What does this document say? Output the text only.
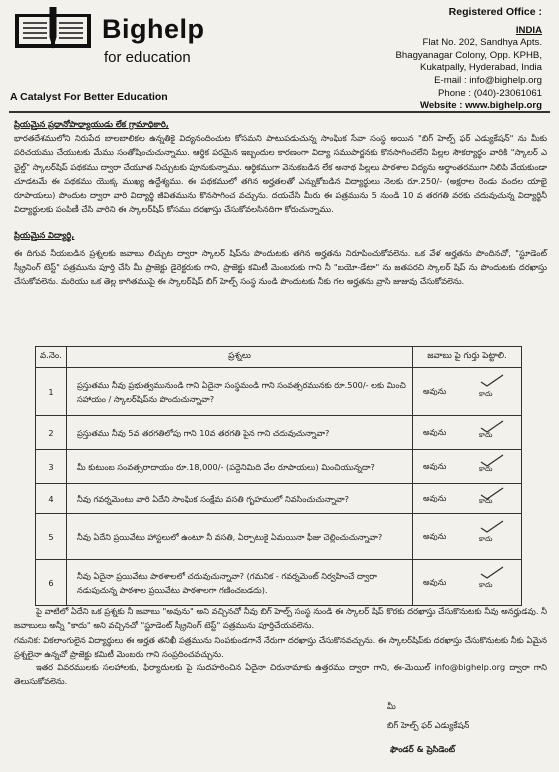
Bighelp
for education
A Catalyst For Better Education
Registered Office :
INDIA
Flat No. 202, Sandhya Apts.
Bhagyanagar Colony, Opp. KPHB,
Kukatpally, Hyderabad, India
E-mail : info@bighelp.org
Phone : (040)-23061061
Website : www.bighelp.org
ప్రియమైన ప్రధానోపాధ్యాయుడు లేక గ్రామాధికారి,
భారతదేశములోని నిరుపేద బాలబాలికల ఉన్నతికై విద్యనందించుట కోసమని పాటుపడుచున్న సాంఘిక సేవా సంస్థ అయిన "బిగ్ హెల్ప్ ఫర్ ఎడ్యుకేషన్" ను మీకు పరిచయము చేయుటకు మేము సంతోషించుచున్నాము. ఆర్థిక పరమైన ఇబ్బందుల కారణంగా విద్యా సముపార్జనకు కొనసాగించలేని పిల్లల సౌకర్యార్థం వారికి "స్కాలర్ ఎ ఛైల్డ్" స్కాలర్‌షిప్ పథకము ద్వారా చేయూత నిచ్చుటకు పూనుకున్నాము. ఆర్థికముగా వెనుకబడిన లేక అనాథ పిల్లలు పాఠశాల విద్యను అర్థాంతరముగా నిలిపి వేయకుండా చూడటమే ఈ పథకము యొక్క ముఖ్య ఉద్దేశ్యము. ఈ పథకములో తగిన అర్హతలతో ఎన్నుకోబడిన విద్యార్థులు నెలకు రూ.250/- (అక్షరాల రెండు వందల యాభై రూపాయలు) పొందుట ద్వారా వారి విద్యార్థి జీవితమును కొనసాగించ వచ్చును. దయచేసి మీరు ఈ పత్రమును 5 నుండి 10 వ తరగతి వరకు చదువుచున్న విద్యార్థినీ విద్యార్థులకు పంపిణీ చేసి వారిని ఈ స్కాలర్‌షిప్ కోసము దరఖాస్తు చేసుకోవలసినదిగా కోరుచున్నాము.
ప్రియమైన విద్యార్థి,
ఈ దిగువ నీయబడిన ప్రశ్నలకు జవాబు లిచ్చుట ద్వారా స్కాలర్ షిప్‌ను పొందుటకు తగిన అర్హతను నిరూపించుకోవలెను. ఒక వేళ అర్హతను పొందినచో, "స్టూడెంట్ స్క్రీనింగ్ టెస్ట్" పత్రమును పూర్తి చేసి మీ ప్రాజెక్టు డైరెక్టరుకు గాని, ప్రాజెక్టు కమిటీ మెంబరుకు గాని నీ "బయో-డేటా" ను జతపరచి స్కాలర్ షిప్ ను పొందుటకు దరఖాస్తు చేసుకోవలెను. మరియు ఒక తెల్ల కాగితముపై ఈ స్కాలర్‌షిప్ బిగ్ హెల్ప్ సంస్థ నుండి పొందుటకు నీకు గల అర్హతను వ్రాసి జుజువు చేసుకోవలెను.
వ.నెం.	ప్రశ్నలు	జవాబు పై గుర్తు పెట్టాలి.
1	ప్రస్తుతము నీవు ప్రభుత్వమునుండి గాని ఏదైనా సంస్థమండి గాని సంవత్సరమునకు రూ.500/- లకు మించి సహాయం / స్కాలర్‌షిప్‌ను పొందుచున్నావా?	అవును కాదు

2	ప్రస్తుతము నీవు 5వ తరగతిలోపు గాని 10వ తరగతి పైన గాని చదువుచున్నావా?	అవును కాదు

3	మీ కుటుంబ సంవత్సరాదాయం రూ.18,000/- (పద్దెనిమిది వేల రూపాయలు) మించియున్నదా?	అవును కాదు

4	నీవు గవర్నమెంటు వారి ఏదేని సాంఘిక సంక్షేమ వసతి గృహములో నివసించుచున్నావా?	అవును కాదు

5	నీవు ఏదేని ప్రయివేటు హాస్టలులో ఉంటూ నీ వసతి, ఏర్పాటుకై ఏమయినా ఫీజు చెల్లించుచున్నావా?	అవును కాదు

6	నీవు ఏదైనా ప్రయివేటు పాఠశాలలో చదువుచున్నావా? (గమనిక - గవర్నమెంట్ నిర్వహించే ద్వారా నడుపుచున్న పాఠశాల ప్రయివేటు పాఠశాలగా గణించబడదు).	అవును కాదు
పై వాటిలో ఏదేని ఒక ప్రశ్నకు నీ జవాబు "అవును" అని వచ్చినచో నీవు బిగ్ హెల్ప్ సంస్థ నుండి ఈ స్కాలర్ షిప్ కొరకు దరఖాస్తు చేసుకొనుటకు నీవు అనర్హుడవు. నీ జవాబులు అన్నీ "కాదు" అని వచ్చినచో "స్టూడెంట్ స్క్రీనింగ్ టెస్ట్" పత్రమును పూర్తిచేయవలెను.
గమనిక: వికలాంగులైన విద్యార్థులు ఈ అర్హత తనిఖీ పత్రమును నింపకుండగానే నేరుగా దరఖాస్తు చేసుకొనవచ్చును. ఈ స్కాలర్‌షిప్‌కు దరఖాస్తు చేసుకొనుటకు నీకు ఏమైన ప్రశ్నలైనా ఉన్నచో ప్రాజెక్టు కమిటీ మెంబరు గాని సంప్రదించవచ్చును.
ఇతర వివరములకు సలహాలకు, ఫిర్యాదులకు పై సుదహరించిన ఏదైనా చిరునామాకు ఉత్తరము ద్వారా గాని, ఈ-మెయిల్ info@bighelp.org ద్వారా గాని తెలుసుకోవలెను.
మీ
బిగ్ హెల్ప్ ఫర్ ఎడ్యుకేషన్
ఫౌండర్ & ప్రెసిడెంట్
